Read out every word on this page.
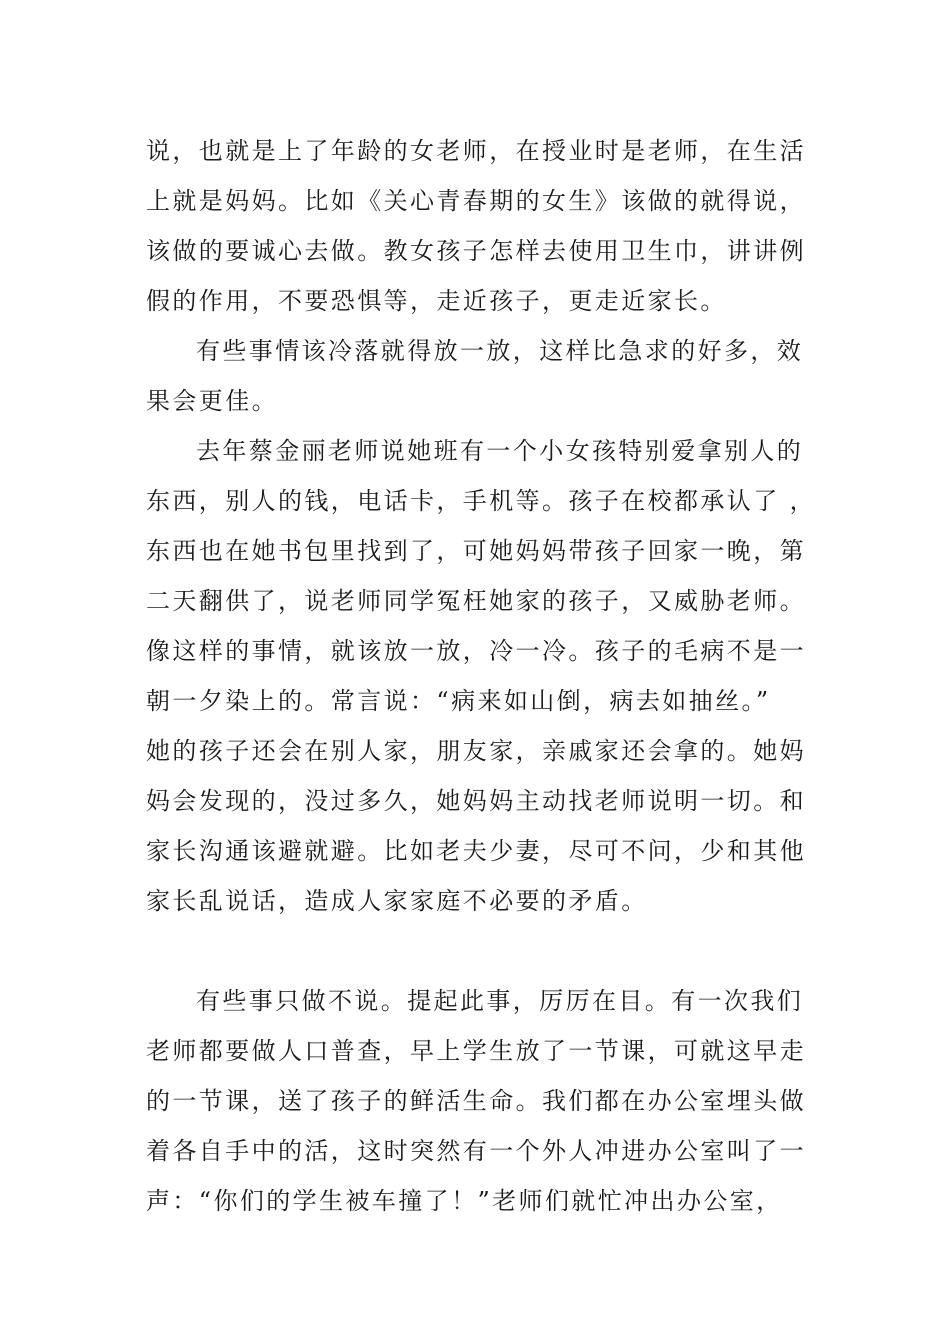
说，也就是上了年龄的女老师，在授业时是老师，在生活
上就是妈妈。比如《关心青春期的女生》该做的就得说，
该做的要诚心去做。教女孩子怎样去使用卫生巾，讲讲例
假的作用，不要恐惧等，走近孩子，更走近家长。
有些事情该冷落就得放一放，这样比急求的好多，效
果会更佳。
去年蔡金丽老师说她班有一个小女孩特别爱拿别人的
东西，别人的钱，电话卡，手机等。孩子在校都承认了 ，
东西也在她书包里找到了，可她妈妈带孩子回家一晚，第
二天翻供了，说老师同学冤枉她家的孩子，又威胁老师。
像这样的事情，就该放一放，冷一冷。孩子的毛病不是一
朝一夕染上的。常言说：“病来如山倒，病去如抽丝。”
她的孩子还会在别人家，朋友家，亲戚家还会拿的。她妈
妈会发现的，没过多久，她妈妈主动找老师说明一切。和
家长沟通该避就避。比如老夫少妻，尽可不问，少和其他
家长乱说话，造成人家家庭不必要的矛盾。
有些事只做不说。提起此事，厉厉在目。有一次我们
老师都要做人口普查，早上学生放了一节课，可就这早走
的一节课，送了孩子的鲜活生命。我们都在办公室埋头做
着各自手中的活，这时突然有一个外人冲进办公室叫了一
声：“你们的学生被车撞了！”老师们就忙冲出办公室，
